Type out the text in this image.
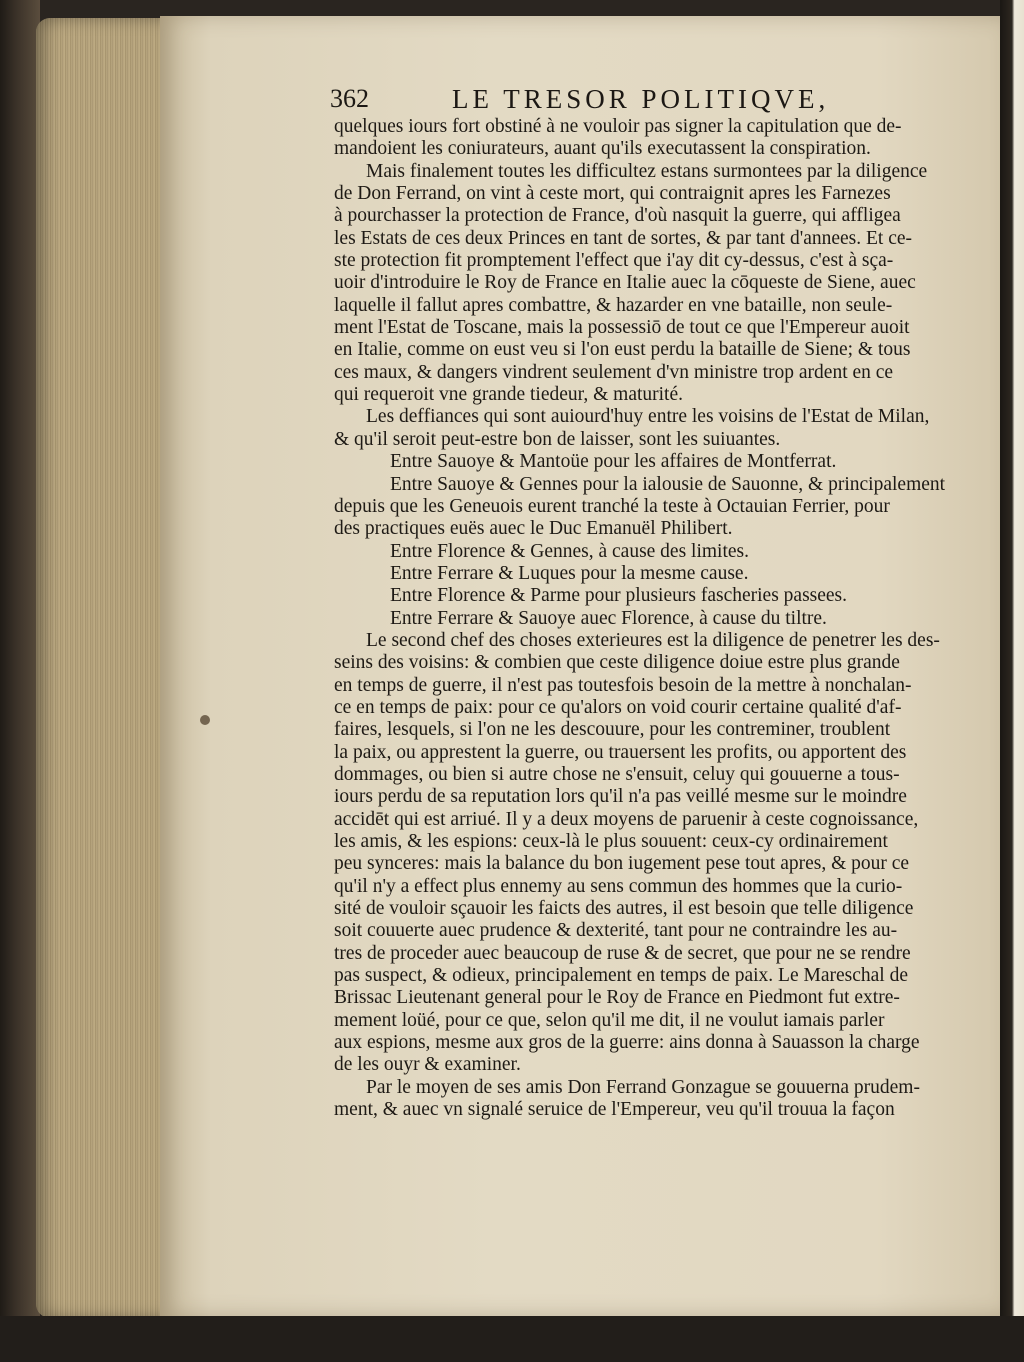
362	LE TRESOR POLITIQVE,
quelques iours fort obstiné à ne vouloir pas signer la capitulation que de-
mandoient les coniurateurs, auant qu'ils executassent la conspiration.
Mais finalement toutes les difficultez estans surmontees par la diligence
de Don Ferrand, on vint à ceste mort, qui contraignit apres les Farnezes
à pourchasser la protection de France, d'où nasquit la guerre, qui affligea
les Estats de ces deux Princes en tant de sortes, & par tant d'annees. Et ce-
ste protection fit promptement l'effect que i'ay dit cy-dessus, c'est à sça-
uoir d'introduire le Roy de France en Italie auec la cōqueste de Siene, auec
laquelle il fallut apres combattre, & hazarder en vne bataille, non seule-
ment l'Estat de Toscane, mais la possessiō de tout ce que l'Empereur auoit
en Italie, comme on eust veu si l'on eust perdu la bataille de Siene; & tous
ces maux, & dangers vindrent seulement d'vn ministre trop ardent en ce
qui requeroit vne grande tiedeur, & maturité.
Les deffiances qui sont auiourd'huy entre les voisins de l'Estat de Milan,
& qu'il seroit peut-estre bon de laisser, sont les suiuantes.
Entre Sauoye & Mantoüe pour les affaires de Montferrat.
Entre Sauoye & Gennes pour la ialousie de Sauonne, & principalement
depuis que les Geneuois eurent tranché la teste à Octauian Ferrier, pour
des practiques euës auec le Duc Emanuël Philibert.
Entre Florence & Gennes, à cause des limites.
Entre Ferrare & Luques pour la mesme cause.
Entre Florence & Parme pour plusieurs fascheries passees.
Entre Ferrare & Sauoye auec Florence, à cause du tiltre.
Le second chef des choses exterieures est la diligence de penetrer les des-
seins des voisins: & combien que ceste diligence doiue estre plus grande
en temps de guerre, il n'est pas toutesfois besoin de la mettre à nonchalan-
ce en temps de paix: pour ce qu'alors on void courir certaine qualité d'af-
faires, lesquels, si l'on ne les descouure, pour les contreminer, troublent
la paix, ou apprestent la guerre, ou trauersent les profits, ou apportent des
dommages, ou bien si autre chose ne s'ensuit, celuy qui gouuerne a tous-
iours perdu de sa reputation lors qu'il n'a pas veillé mesme sur le moindre
accidēt qui est arriué. Il y a deux moyens de paruenir à ceste cognoissance,
les amis, & les espions: ceux-là le plus souuent: ceux-cy ordinairement
peu synceres: mais la balance du bon iugement pese tout apres, & pour ce
qu'il n'y a effect plus ennemy au sens commun des hommes que la curio-
sité de vouloir sçauoir les faicts des autres, il est besoin que telle diligence
soit couuerte auec prudence & dexterité, tant pour ne contraindre les au-
tres de proceder auec beaucoup de ruse & de secret, que pour ne se rendre
pas suspect, & odieux, principalement en temps de paix. Le Mareschal de
Brissac Lieutenant general pour le Roy de France en Piedmont fut extre-
mement loüé, pour ce que, selon qu'il me dit, il ne voulut iamais parler
aux espions, mesme aux gros de la guerre: ains donna à Sauasson la charge
de les ouyr & examiner.
Par le moyen de ses amis Don Ferrand Gonzague se gouuerna prudem-
ment, & auec vn signalé seruice de l'Empereur, veu qu'il trouua la façon
